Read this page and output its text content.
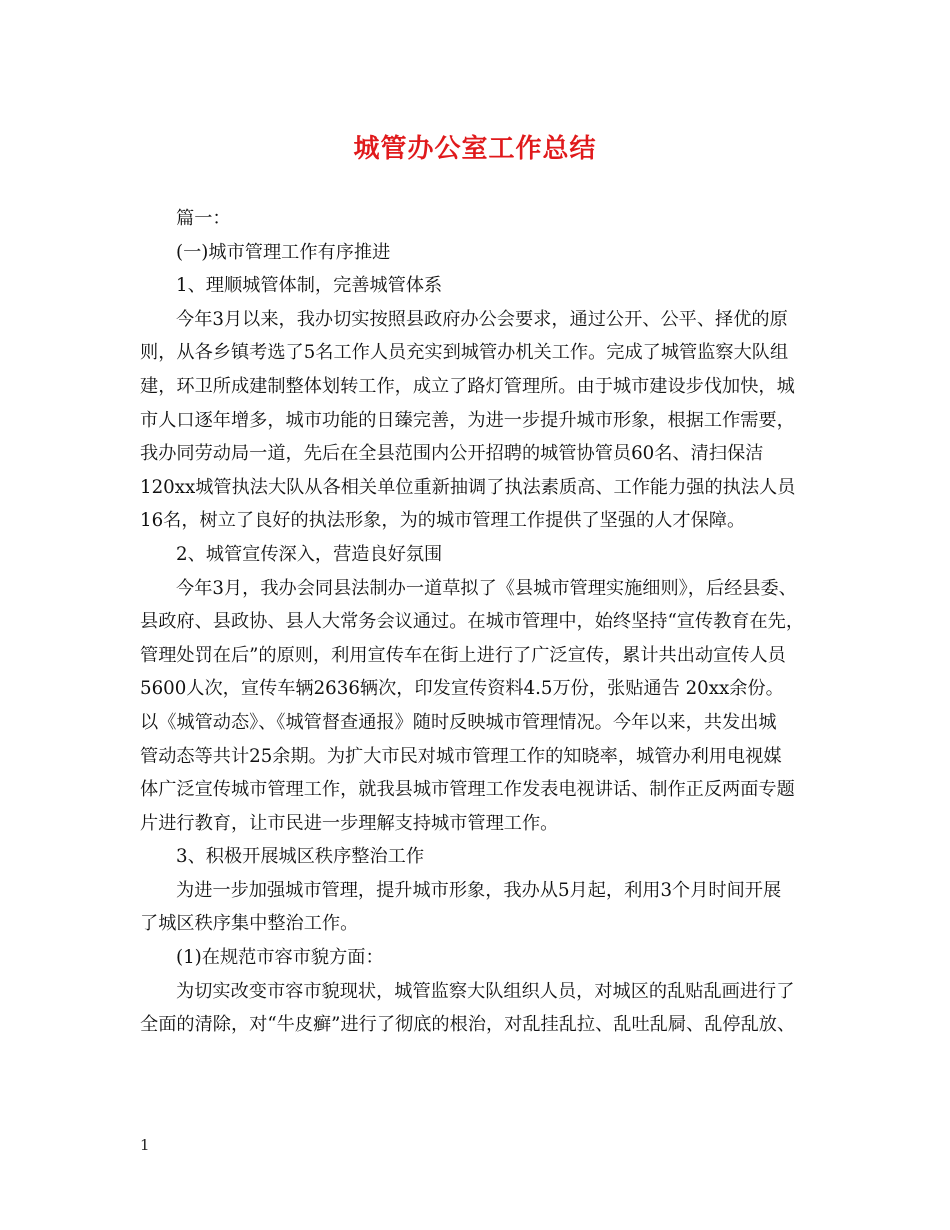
城管办公室工作总结
篇一：
(一)城市管理工作有序推进
1、理顺城管体制，完善城管体系
今年3月以来，我办切实按照县政府办公会要求，通过公开、公平、择优的原
则，从各乡镇考选了5名工作人员充实到城管办机关工作。完成了城管监察大队组
建，环卫所成建制整体划转工作，成立了路灯管理所。由于城市建设步伐加快，城
市人口逐年增多，城市功能的日臻完善，为进一步提升城市形象，根据工作需要，
我办同劳动局一道，先后在全县范围内公开招聘的城管协管员60名、清扫保洁
120xx城管执法大队从各相关单位重新抽调了执法素质高、工作能力强的执法人员
16名，树立了良好的执法形象，为的城市管理工作提供了坚强的人才保障。
2、城管宣传深入，营造良好氛围
今年3月，我办会同县法制办一道草拟了《县城市管理实施细则》，后经县委、
县政府、县政协、县人大常务会议通过。在城市管理中，始终坚持“宣传教育在先，
管理处罚在后”的原则，利用宣传车在街上进行了广泛宣传，累计共出动宣传人员
5600人次，宣传车辆2636辆次，印发宣传资料4.5万份，张贴通告 20xx余份。
以《城管动态》、《城管督查通报》随时反映城市管理情况。今年以来，共发出城
管动态等共计25余期。为扩大市民对城市管理工作的知晓率，城管办利用电视媒
体广泛宣传城市管理工作，就我县城市管理工作发表电视讲话、制作正反两面专题
片进行教育，让市民进一步理解支持城市管理工作。
3、积极开展城区秩序整治工作
为进一步加强城市管理，提升城市形象，我办从5月起，利用3个月时间开展
了城区秩序集中整治工作。
(1)在规范市容市貌方面：
为切实改变市容市貌现状，城管监察大队组织人员，对城区的乱贴乱画进行了
全面的清除，对“牛皮癣”进行了彻底的根治，对乱挂乱拉、乱吐乱屙、乱停乱放、
1
